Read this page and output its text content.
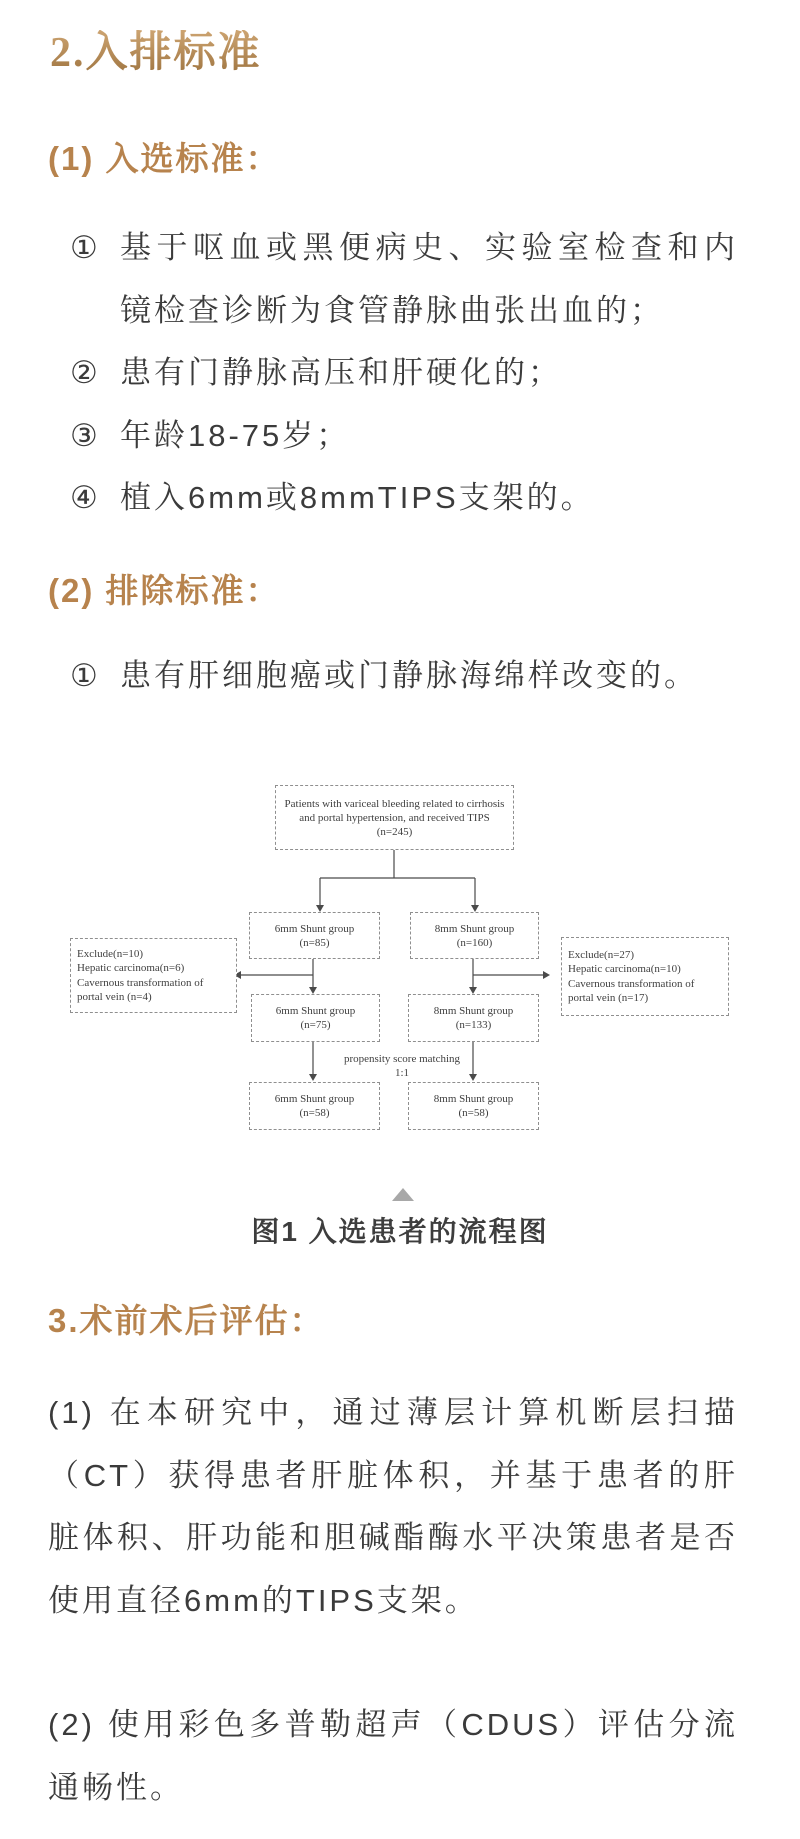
2.入排标准
(1) 入选标准：
① 基于呕血或黑便病史、实验室检查和内
镜检查诊断为食管静脉曲张出血的；
② 患有门静脉高压和肝硬化的；
③ 年龄18-75岁；
④ 植入6mm或8mmTIPS支架的。
(2) 排除标准：
① 患有肝细胞癌或门静脉海绵样改变的。
Patients with variceal bleeding related to cirrhosis
and portal hypertension, and received TIPS
(n=245)
6mm Shunt group
(n=85)
8mm Shunt group
(n=160)
Exclude(n=10)
Hepatic carcinoma(n=6)
Cavernous transformation of
portal vein (n=4)
Exclude(n=27)
Hepatic carcinoma(n=10)
Cavernous transformation of
portal vein (n=17)
6mm Shunt group
(n=75)
8mm Shunt group
(n=133)
propensity score matching
1:1
6mm Shunt group
(n=58)
8mm Shunt group
(n=58)
图1 入选患者的流程图
3.术前术后评估：
(1) 在本研究中，通过薄层计算机断层扫描
（CT）获得患者肝脏体积，并基于患者的肝
脏体积、肝功能和胆碱酯酶水平决策患者是否
使用直径6mm的TIPS支架。
(2) 使用彩色多普勒超声（CDUS）评估分流
通畅性。
